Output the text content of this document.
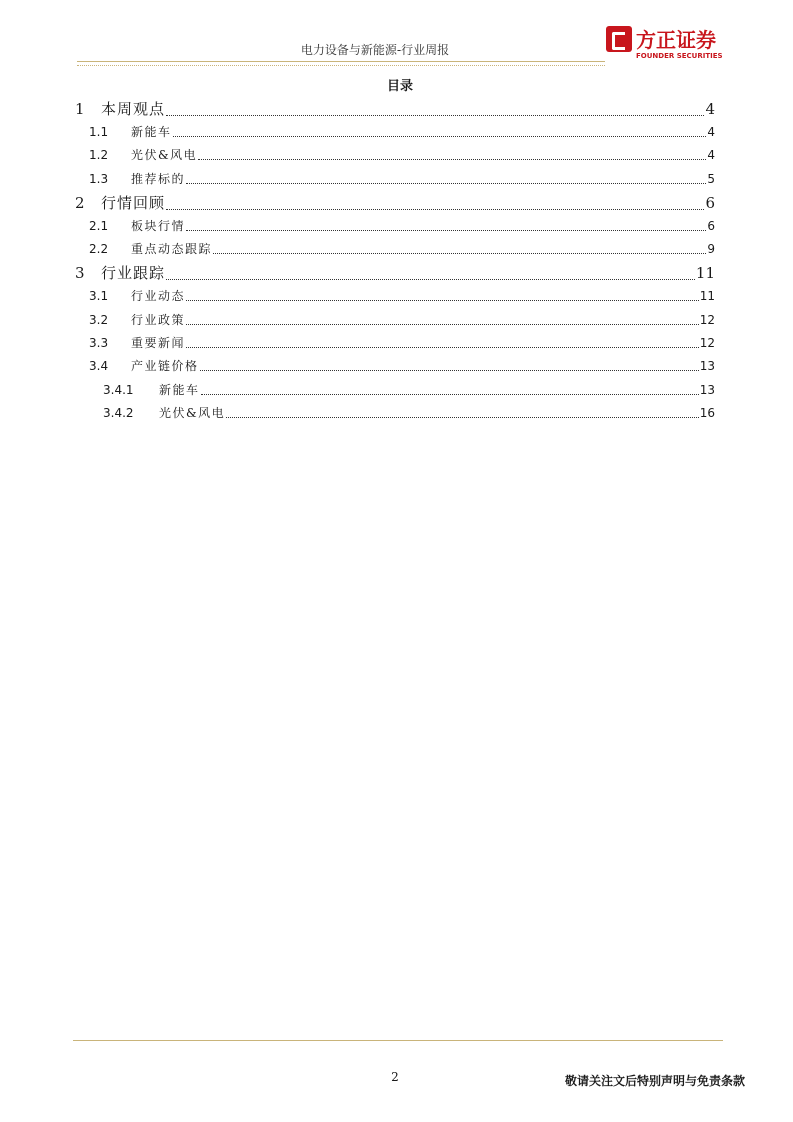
电力设备与新能源-行业周报	方正证券
FOUNDER SECURITIES
目录
1	本周观点	4
1.1	新能车	4
1.2	光伏&风电	4
1.3	推荐标的	5
2	行情回顾	6
2.1	板块行情	6
2.2	重点动态跟踪	9
3	行业跟踪	11
3.1	行业动态	11
3.2	行业政策	12
3.3	重要新闻	12
3.4	产业链价格	13
3.4.1	新能车	13
3.4.2	光伏&风电	16
2	敬请关注文后特别声明与免责条款
